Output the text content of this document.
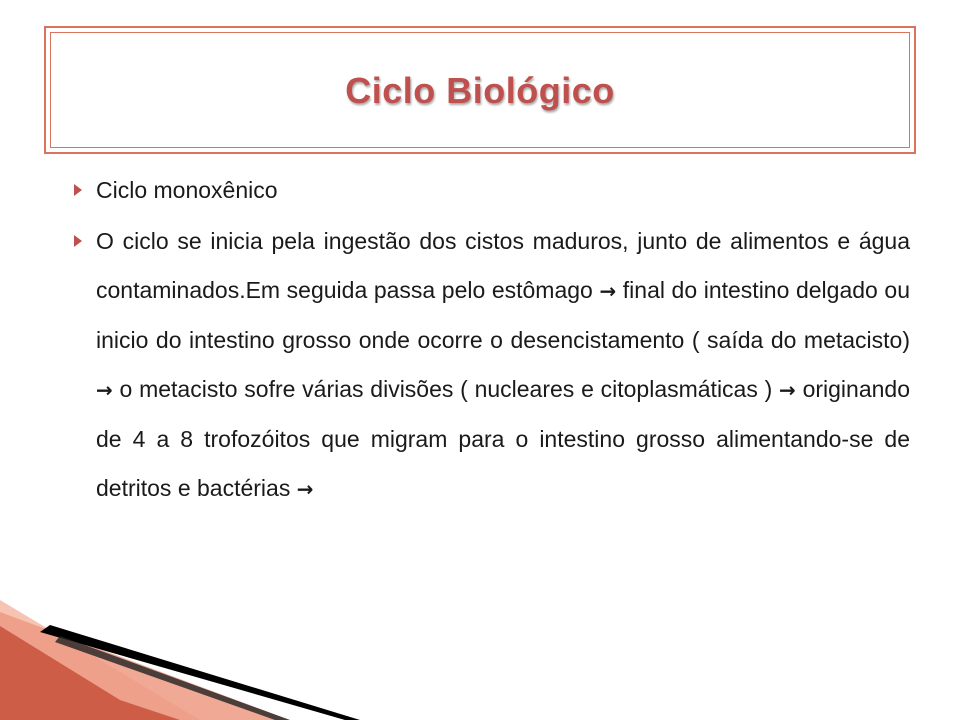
Ciclo Biológico
Ciclo monoxênico
O ciclo se inicia pela ingestão dos cistos maduros, junto de alimentos e água contaminados.Em seguida passa pelo estômago → final do intestino delgado ou inicio do intestino grosso onde ocorre o desencistamento ( saída do metacisto) → o metacisto sofre várias divisões ( nucleares e citoplasmáticas ) → originando de 4 a 8 trofozóitos que migram para o intestino grosso alimentando-se de detritos e bactérias →
